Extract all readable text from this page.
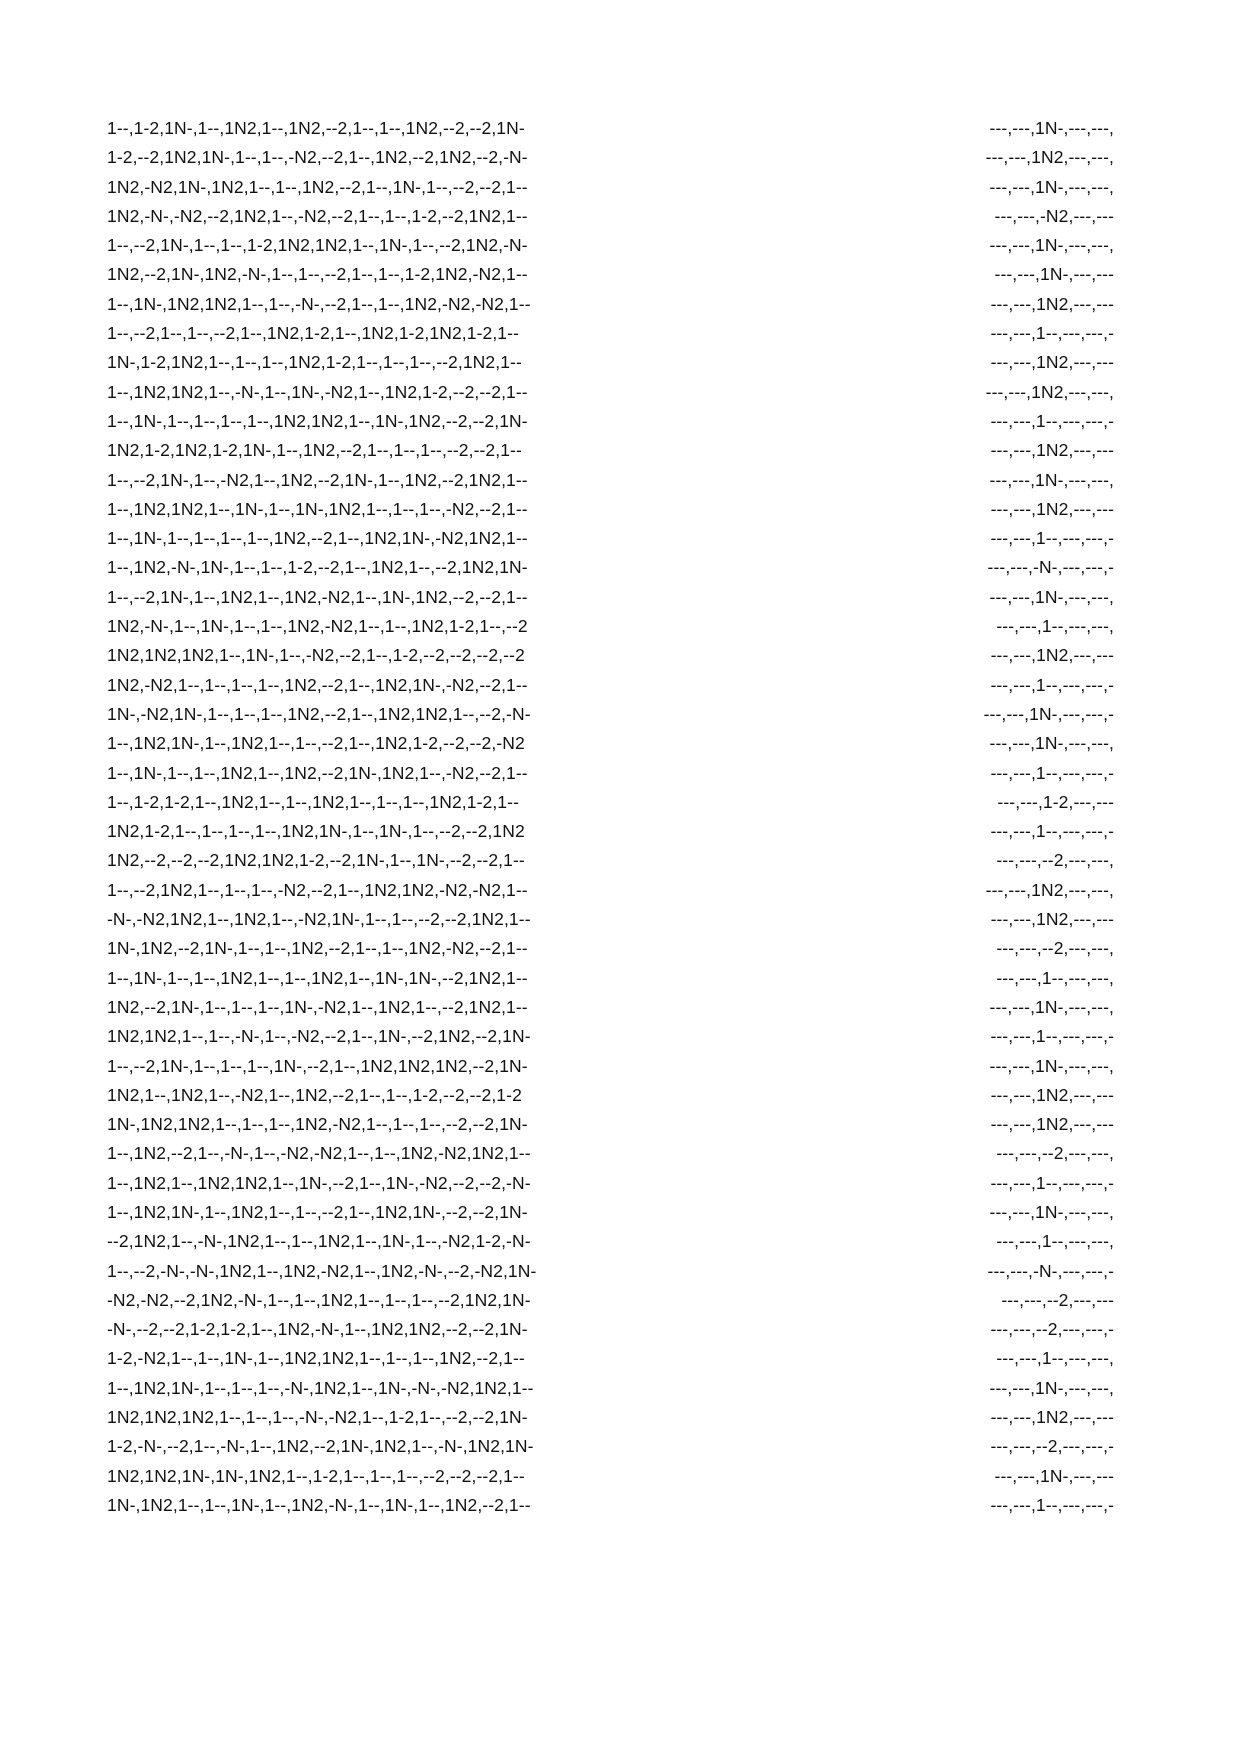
1--,1-2,1N-,1--,1N2,1--,1N2,--2,1--,1--,1N2,--2,--2,1N-
1-2,--2,1N2,1N-,1--,1--,-N2,--2,1--,1N2,--2,1N2,--2,-N-
1N2,-N2,1N-,1N2,1--,1--,1N2,--2,1--,1N-,1--,--2,--2,1--
1N2,-N-,-N2,--2,1N2,1--,-N2,--2,1--,1--,1-2,--2,1N2,1--
1--,--2,1N-,1--,1--,1-2,1N2,1N2,1--,1N-,1--,--2,1N2,-N-
1N2,--2,1N-,1N2,-N-,1--,1--,--2,1--,1--,1-2,1N2,-N2,1--
1--,1N-,1N2,1N2,1--,1--,-N-,--2,1--,1--,1N2,-N2,-N2,1--
1--,--2,1--,1--,--2,1--,1N2,1-2,1--,1N2,1-2,1N2,1-2,1--
1N-,1-2,1N2,1--,1--,1--,1N2,1-2,1--,1--,1--,--2,1N2,1--
1--,1N2,1N2,1--,-N-,1--,1N-,-N2,1--,1N2,1-2,--2,--2,1--
1--,1N-,1--,1--,1--,1--,1N2,1N2,1--,1N-,1N2,--2,--2,1N-
1N2,1-2,1N2,1-2,1N-,1--,1N2,--2,1--,1--,1--,--2,--2,1--
1--,--2,1N-,1--,-N2,1--,1N2,--2,1N-,1--,1N2,--2,1N2,1--
1--,1N2,1N2,1--,1N-,1--,1N-,1N2,1--,1--,1--,-N2,--2,1--
1--,1N-,1--,1--,1--,1--,1N2,--2,1--,1N2,1N-,-N2,1N2,1--
1--,1N2,-N-,1N-,1--,1--,1-2,--2,1--,1N2,1--,--2,1N2,1N-
1--,--2,1N-,1--,1N2,1--,1N2,-N2,1--,1N-,1N2,--2,--2,1--
1N2,-N-,1--,1N-,1--,1--,1N2,-N2,1--,1--,1N2,1-2,1--,--2
1N2,1N2,1N2,1--,1N-,1--,-N2,--2,1--,1-2,--2,--2,--2,--2
1N2,-N2,1--,1--,1--,1--,1N2,--2,1--,1N2,1N-,-N2,--2,1--
1N-,-N2,1N-,1--,1--,1--,1N2,--2,1--,1N2,1N2,1--,--2,-N-
1--,1N2,1N-,1--,1N2,1--,1--,--2,1--,1N2,1-2,--2,--2,-N2
1--,1N-,1--,1--,1N2,1--,1N2,--2,1N-,1N2,1--,-N2,--2,1--
1--,1-2,1-2,1--,1N2,1--,1--,1N2,1--,1--,1--,1N2,1-2,1--
1N2,1-2,1--,1--,1--,1--,1N2,1N-,1--,1N-,1--,--2,--2,1N2
1N2,--2,--2,--2,1N2,1N2,1-2,--2,1N-,1--,1N-,--2,--2,1--
1--,--2,1N2,1--,1--,1--,-N2,--2,1--,1N2,1N2,-N2,-N2,1--
-N-,-N2,1N2,1--,1N2,1--,-N2,1N-,1--,1--,--2,--2,1N2,1--
1N-,1N2,--2,1N-,1--,1--,1N2,--2,1--,1--,1N2,-N2,--2,1--
1--,1N-,1--,1--,1N2,1--,1--,1N2,1--,1N-,1N-,--2,1N2,1--
1N2,--2,1N-,1--,1--,1--,1N-,-N2,1--,1N2,1--,--2,1N2,1--
1N2,1N2,1--,1--,-N-,1--,-N2,--2,1--,1N-,--2,1N2,--2,1N-
1--,--2,1N-,1--,1--,1--,1N-,--2,1--,1N2,1N2,1N2,--2,1N-
1N2,1--,1N2,1--,-N2,1--,1N2,--2,1--,1--,1-2,--2,--2,1-2
1N-,1N2,1N2,1--,1--,1--,1N2,-N2,1--,1--,1--,--2,--2,1N-
1--,1N2,--2,1--,-N-,1--,-N2,-N2,1--,1--,1N2,-N2,1N2,1--
1--,1N2,1--,1N2,1N2,1--,1N-,--2,1--,1N-,-N2,--2,--2,-N-
1--,1N2,1N-,1--,1N2,1--,1--,--2,1--,1N2,1N-,--2,--2,1N-
--2,1N2,1--,-N-,1N2,1--,1--,1N2,1--,1N-,1--,-N2,1-2,-N-
1--,--2,-N-,-N-,1N2,1--,1N2,-N2,1--,1N2,-N-,--2,-N2,1N-
-N2,-N2,--2,1N2,-N-,1--,1--,1N2,1--,1--,1--,--2,1N2,1N-
-N-,--2,--2,1-2,1-2,1--,1N2,-N-,1--,1N2,1N2,--2,--2,1N-
1-2,-N2,1--,1--,1N-,1--,1N2,1N2,1--,1--,1--,1N2,--2,1--
1--,1N2,1N-,1--,1--,1--,-N-,1N2,1--,1N-,-N-,-N2,1N2,1--
1N2,1N2,1N2,1--,1--,1--,-N-,-N2,1--,1-2,1--,--2,--2,1N-
1-2,-N-,--2,1--,-N-,1--,1N2,--2,1N-,1N2,1--,-N-,1N2,1N-
1N2,1N2,1N-,1N-,1N2,1--,1-2,1--,1--,1--,--2,--2,--2,1--
1N-,1N2,1--,1--,1N-,1--,1N2,-N-,1--,1N-,1--,1N2,--2,1--
---,---,1N-,---,---,
---,---,1N2,---,---,
---,---,1N-,---,---,
---,---,-N2,---,---
---,---,1N-,---,---,
---,---,1N-,---,---
---,---,1N2,---,---
---,---,1--,---,---,-
---,---,1N2,---,---
---,---,1N2,---,---,
---,---,1--,---,---,-
---,---,1N2,---,---
---,---,1N-,---,---,
---,---,1N2,---,---
---,---,1--,---,---,-
---,---,-N-,---,---,-
---,---,1N-,---,---,
---,---,1--,---,---,
---,---,1N2,---,---
---,---,1--,---,---,-
---,---,1N-,---,---,-
---,---,1N-,---,---,
---,---,1--,---,---,-
---,---,1-2,---,---
---,---,1--,---,---,-
---,---,--2,---,---,
---,---,1N2,---,---,
---,---,1N2,---,---
---,---,--2,---,---,
---,---,1--,---,---,
---,---,1N-,---,---,
---,---,1--,---,---,-
---,---,1N-,---,---,
---,---,1N2,---,---
---,---,1N2,---,---
---,---,--2,---,---,
---,---,1--,---,---,-
---,---,1N-,---,---,
---,---,1--,---,---,
---,---,-N-,---,---,-
---,---,--2,---,---
---,---,--2,---,---,-
---,---,1--,---,---,
---,---,1N-,---,---,
---,---,1N2,---,---
---,---,--2,---,---,-
---,---,1N-,---,---
---,---,1--,---,---,-
